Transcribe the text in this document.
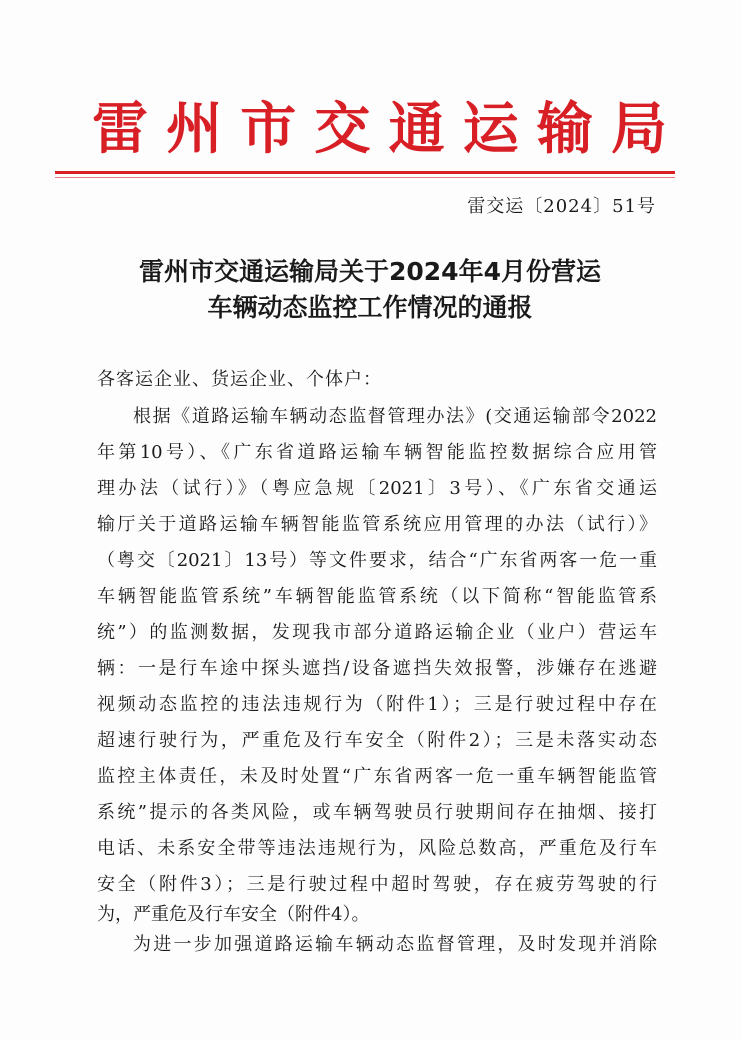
雷 州 市 交 通 运 输 局
雷交运〔2024〕51号
雷州市交通运输局关于2024年4月份营运
车辆动态监控工作情况的通报
各客运企业、货运企业、个体户：
根据《道路运输车辆动态监督管理办法》(交通运输部令2022
年第10号）、《广东省道路运输车辆智能监控数据综合应用管
理办法（试行）》（粤应急规〔2021〕3号）、《广东省交通运
输厅关于道路运输车辆智能监管系统应用管理的办法（试行）》
（粤交〔2021〕13号）等文件要求，结合“广东省两客一危一重
车辆智能监管系统”车辆智能监管系统（以下简称“智能监管系
统”）的监测数据，发现我市部分道路运输企业（业户）营运车
辆：一是行车途中探头遮挡/设备遮挡失效报警，涉嫌存在逃避
视频动态监控的违法违规行为（附件1）；三是行驶过程中存在
超速行驶行为，严重危及行车安全（附件2）；三是未落实动态
监控主体责任，未及时处置“广东省两客一危一重车辆智能监管
系统”提示的各类风险，或车辆驾驶员行驶期间存在抽烟、接打
电话、未系安全带等违法违规行为，风险总数高，严重危及行车
安全（附件3）；三是行驶过程中超时驾驶，存在疲劳驾驶的行
为，严重危及行车安全（附件4）。
为进一步加强道路运输车辆动态监督管理，及时发现并消除
